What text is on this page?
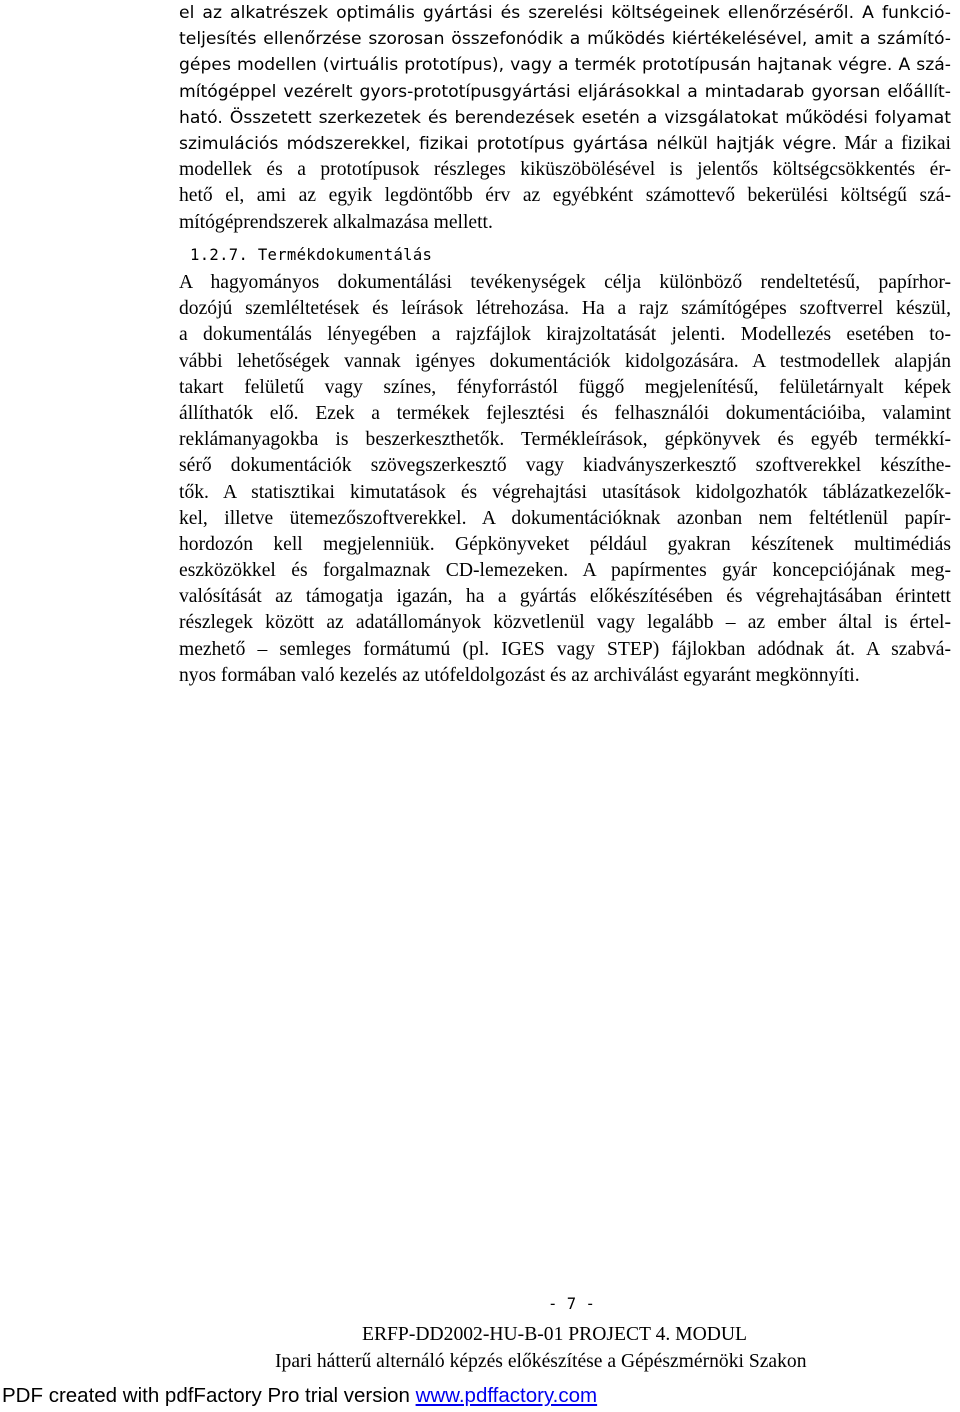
el az alkatrészek optimális gyártási és szerelési költségeinek ellenőrzéséről. A funkció-
teljesítés ellenőrzése szorosan összefonódik a működés kiértékelésével, amit a számító-
gépes modellen (virtuális prototípus), vagy a termék prototípusán hajtanak végre. A szá-
mítógéppel vezérelt gyors-prototípusgyártási eljárásokkal a mintadarab gyorsan előállít-
ható. Összetett szerkezetek és berendezések esetén a vizsgálatokat működési folyamat
szimulációs módszerekkel, fizikai prototípus gyártása nélkül hajtják végre. Már a fizikai
modellek és a prototípusok részleges kiküszöbölésével is jelentős költségcsökkentés ér-
hető el, ami az egyik legdöntőbb érv az egyébként számottevő bekerülési költségű szá-
mítógéprendszerek alkalmazása mellett.
1.2.7. Termékdokumentálás
A hagyományos dokumentálási tevékenységek célja különböző rendeltetésű, papírhor-
dozójú szemléltetések és leírások létrehozása. Ha a rajz számítógépes szoftverrel készül,
a dokumentálás lényegében a rajzfájlok kirajzoltatását jelenti. Modellezés esetében to-
vábbi lehetőségek vannak igényes dokumentációk kidolgozására. A testmodellek alapján
takart felületű vagy színes, fényforrástól függő megjelenítésű, felületárnyalt képek
állíthatók elő. Ezek a termékek fejlesztési és felhasználói dokumentációiba, valamint
reklámanyagokba is beszerkeszthetők. Termékleírások, gépkönyvek és egyéb termékkí-
sérő dokumentációk szövegszerkesztő vagy kiadványszerkesztő szoftverekkel készíthe-
tők. A statisztikai kimutatások és végrehajtási utasítások kidolgozhatók táblázatkezelők-
kel, illetve ütemezőszoftverekkel. A dokumentációknak azonban nem feltétlenül papír-
hordozón kell megjelenniük. Gépkönyveket például gyakran készítenek multimédiás
eszközökkel és forgalmaznak CD-lemezeken. A papírmentes gyár koncepciójának meg-
valósítását az támogatja igazán, ha a gyártás előkészítésében és végrehajtásában érintett
részlegek között az adatállományok közvetlenül vagy legalább – az ember által is értel-
mezhető – semleges formátumú (pl. IGES vagy STEP) fájlokban adódnak át. A szabvá-
nyos formában való kezelés az utófeldolgozást és az archiválást egyaránt megkönnyíti.
- 7 -
ERFP-DD2002-HU-B-01 PROJECT 4. MODUL
Ipari hátterű alternáló képzés előkészítése a Gépészmérnöki Szakon
PDF created with pdfFactory Pro trial version www.pdffactory.com
